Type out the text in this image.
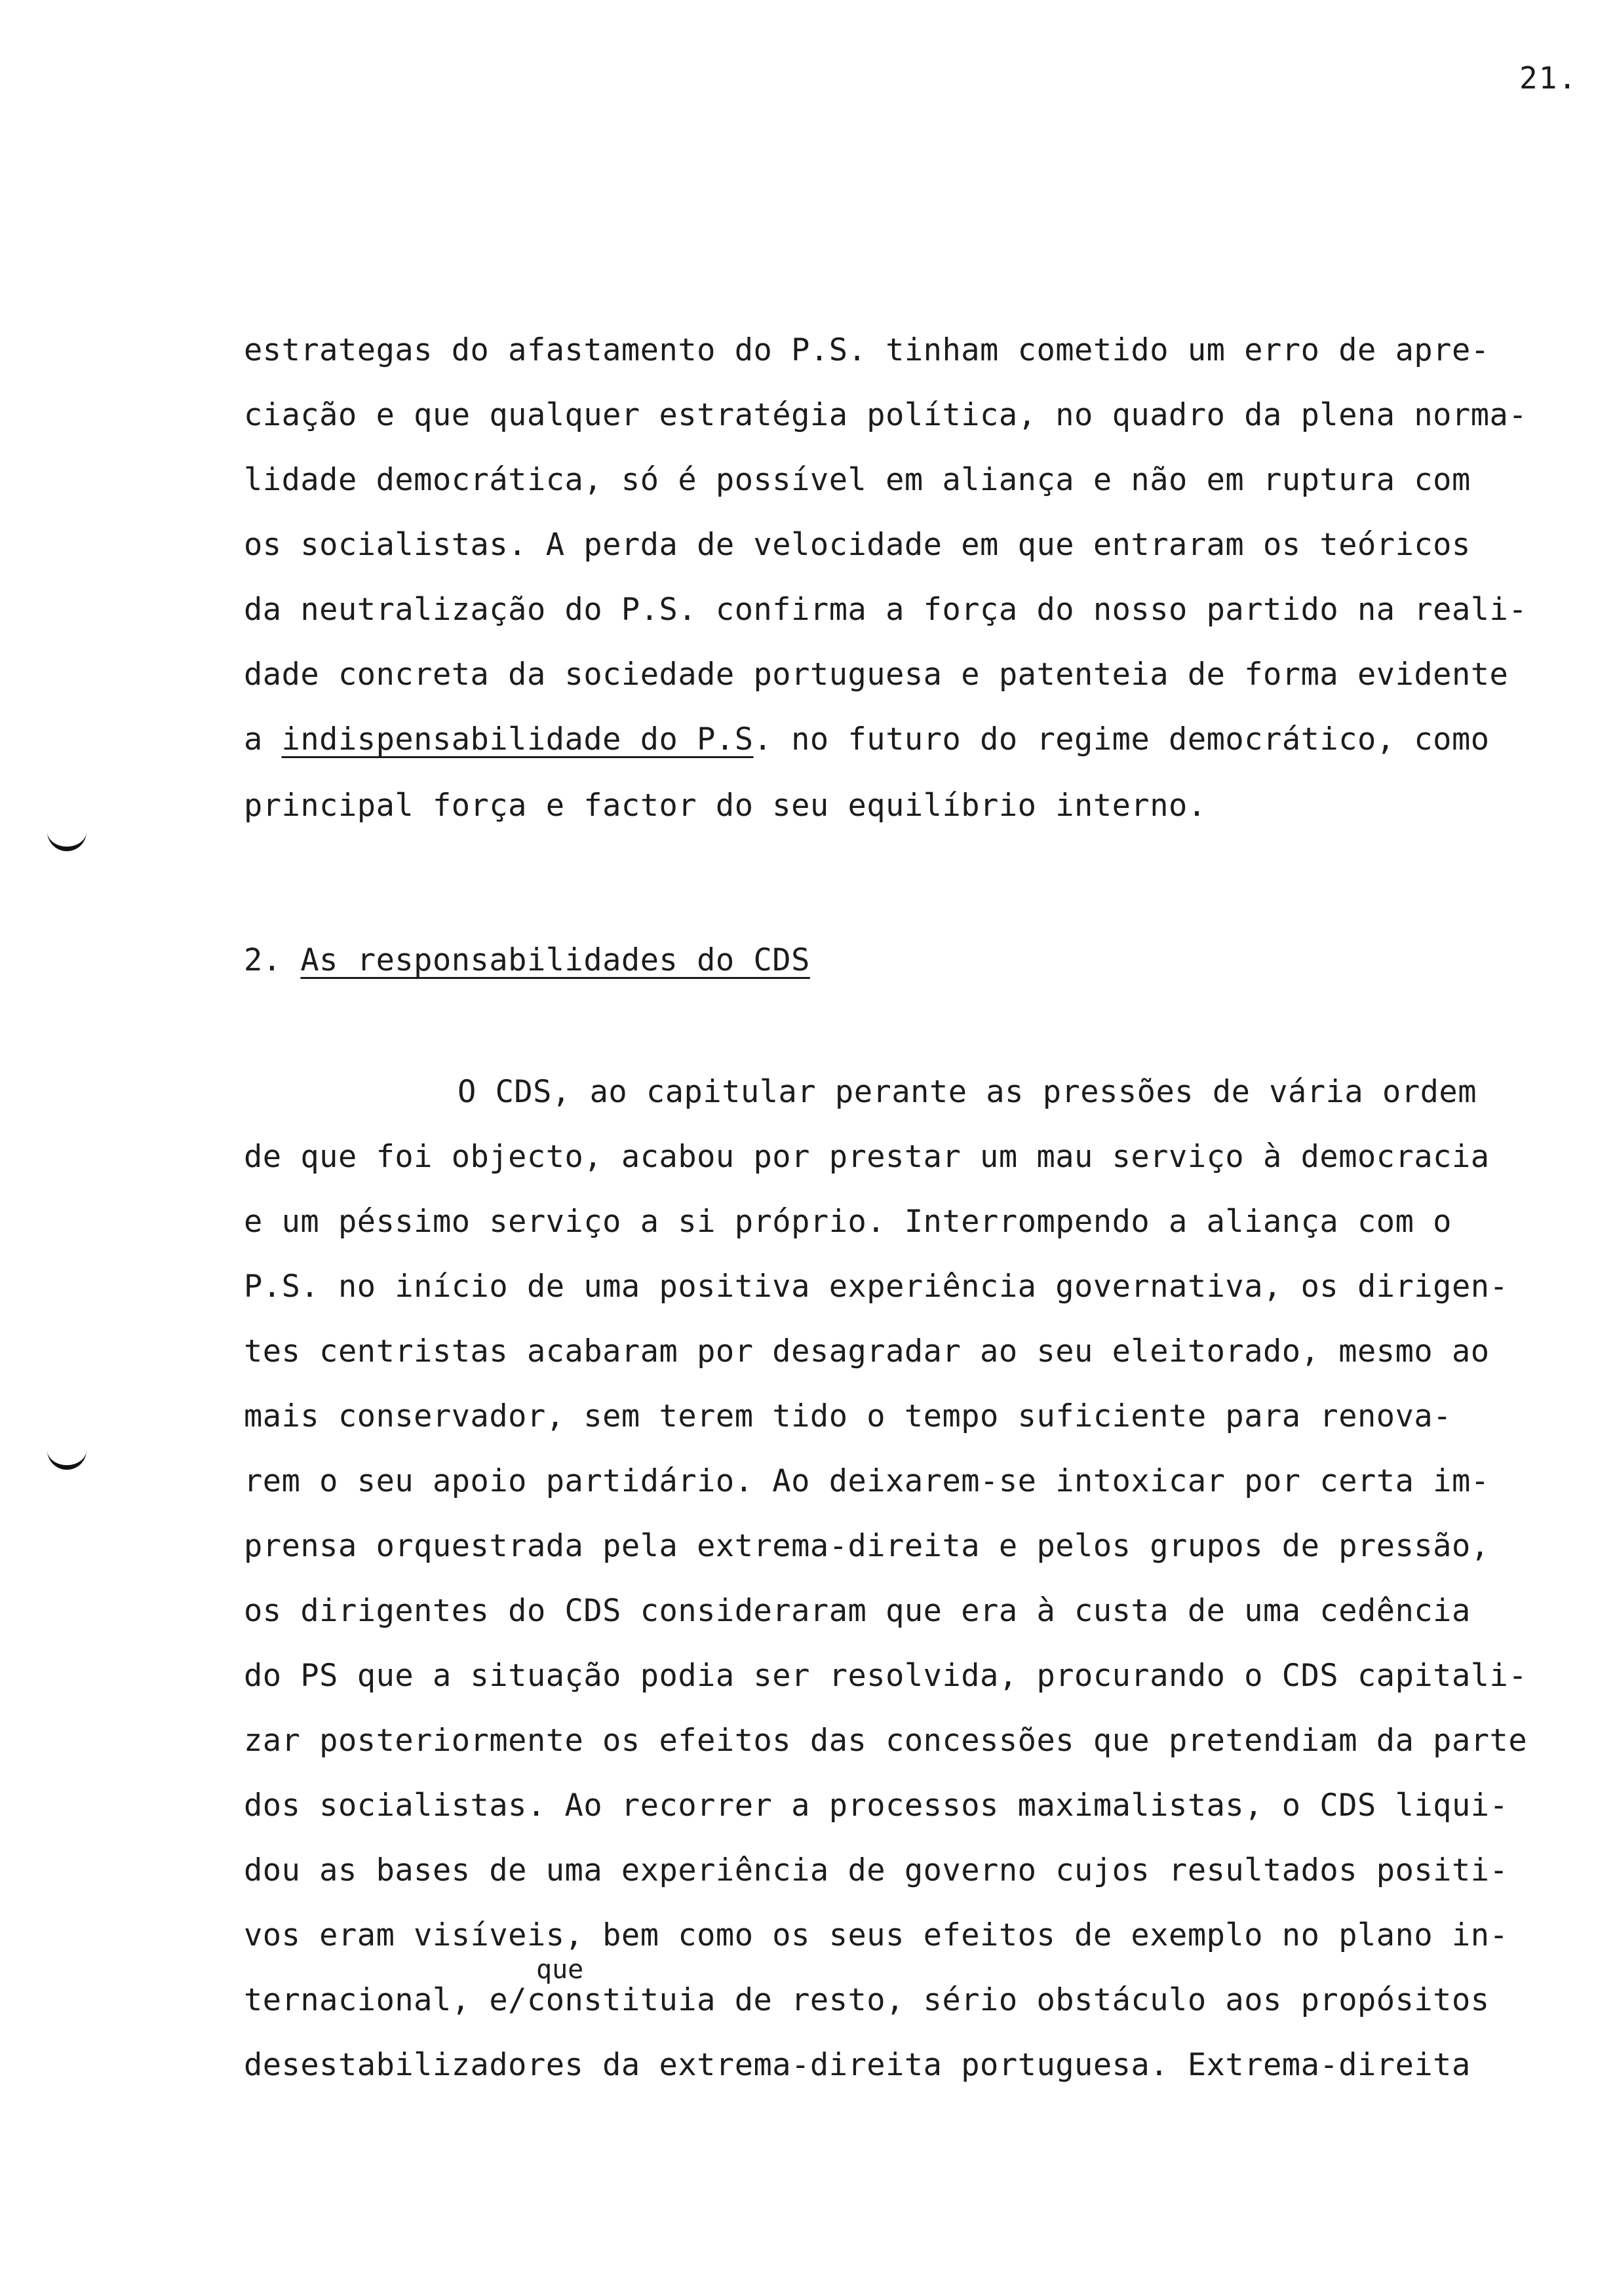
21.
estrategas do afastamento do P.S. tinham cometido um erro de apre-
ciação e que qualquer estratégia política, no quadro da plena norma-
lidade democrática, só é possível em aliança e não em ruptura com
os socialistas. A perda de velocidade em que entraram os teóricos
da neutralização do P.S. confirma a força do nosso partido na reali-
dade concreta da sociedade portuguesa e patenteia de forma evidente
a indispensabilidade do P.S. no futuro do regime democrático, como
principal força e factor do seu equilíbrio interno.
2. As responsabilidades do CDS
O CDS, ao capitular perante as pressões de vária ordem
de que foi objecto, acabou por prestar um mau serviço à democracia
e um péssimo serviço a si próprio. Interrompendo a aliança com o
P.S. no início de uma positiva experiência governativa, os dirigen-
tes centristas acabaram por desagradar ao seu eleitorado, mesmo ao
mais conservador, sem terem tido o tempo suficiente para renova-
rem o seu apoio partidário. Ao deixarem-se intoxicar por certa im-
prensa orquestrada pela extrema-direita e pelos grupos de pressão,
os dirigentes do CDS consideraram que era à custa de uma cedência
do PS que a situação podia ser resolvida, procurando o CDS capitali-
zar posteriormente os efeitos das concessões que pretendiam da parte
dos socialistas. Ao recorrer a processos maximalistas, o CDS liqui-
dou as bases de uma experiência de governo cujos resultados positi-
vos eram visíveis, bem como os seus efeitos de exemplo no plano in-
que
ternacional, e/constituia de resto, sério obstáculo aos propósitos
desestabilizadores da extrema-direita portuguesa. Extrema-direita
